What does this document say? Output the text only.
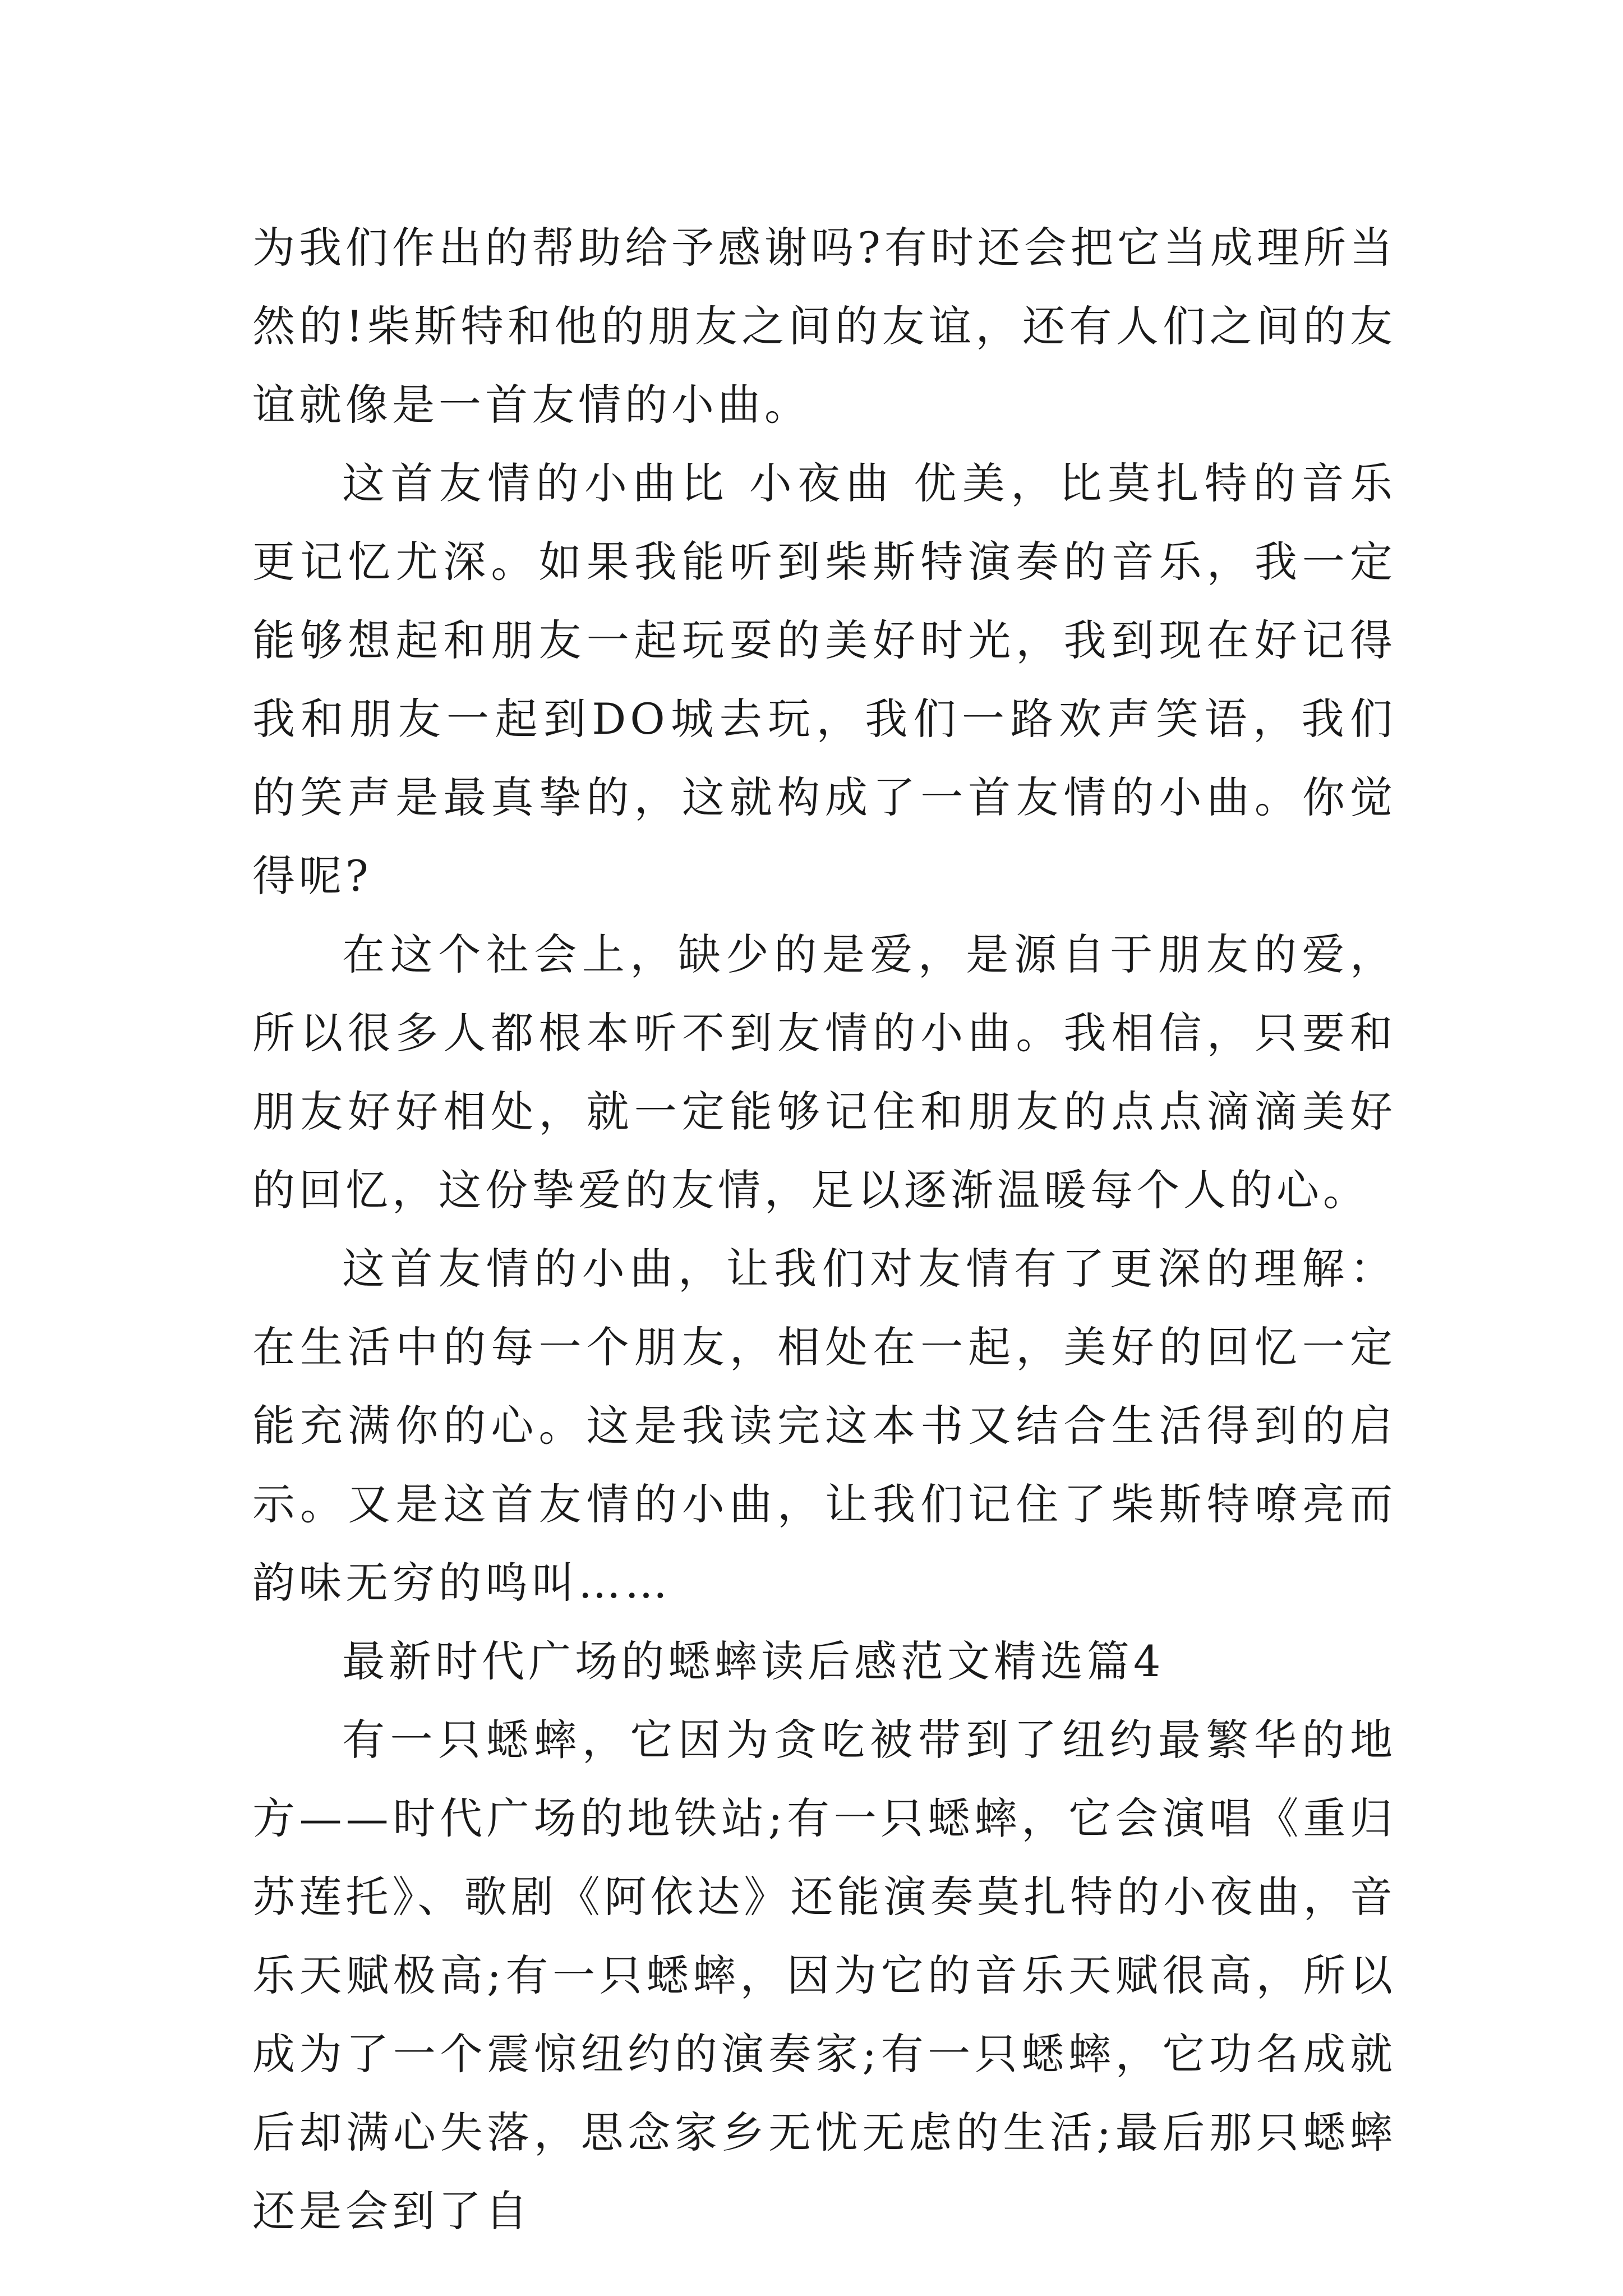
为我们作出的帮助给予感谢吗?有时还会把它当成理所当然的!柴斯特和他的朋友之间的友谊，还有人们之间的友谊就像是一首友情的小曲。

这首友情的小曲比 小夜曲 优美，比莫扎特的音乐更记忆尤深。如果我能听到柴斯特演奏的音乐，我一定能够想起和朋友一起玩耍的美好时光，我到现在好记得我和朋友一起到DO城去玩，我们一路欢声笑语，我们的笑声是最真挚的，这就构成了一首友情的小曲。你觉得呢?

在这个社会上，缺少的是爱，是源自于朋友的爱，所以很多人都根本听不到友情的小曲。我相信，只要和朋友好好相处，就一定能够记住和朋友的点点滴滴美好的回忆，这份挚爱的友情，足以逐渐温暖每个人的心。

这首友情的小曲，让我们对友情有了更深的理解：在生活中的每一个朋友，相处在一起，美好的回忆一定能充满你的心。这是我读完这本书又结合生活得到的启示。又是这首友情的小曲，让我们记住了柴斯特嘹亮而韵味无穷的鸣叫……

最新时代广场的蟋蟀读后感范文精选篇4

有一只蟋蟀，它因为贪吃被带到了纽约最繁华的地方——时代广场的地铁站;有一只蟋蟀，它会演唱《重归苏莲托》、歌剧《阿依达》还能演奏莫扎特的小夜曲，音乐天赋极高;有一只蟋蟀，因为它的音乐天赋很高，所以成为了一个震惊纽约的演奏家;有一只蟋蟀，它功名成就后却满心失落，思念家乡无忧无虑的生活;最后那只蟋蟀还是会到了自
